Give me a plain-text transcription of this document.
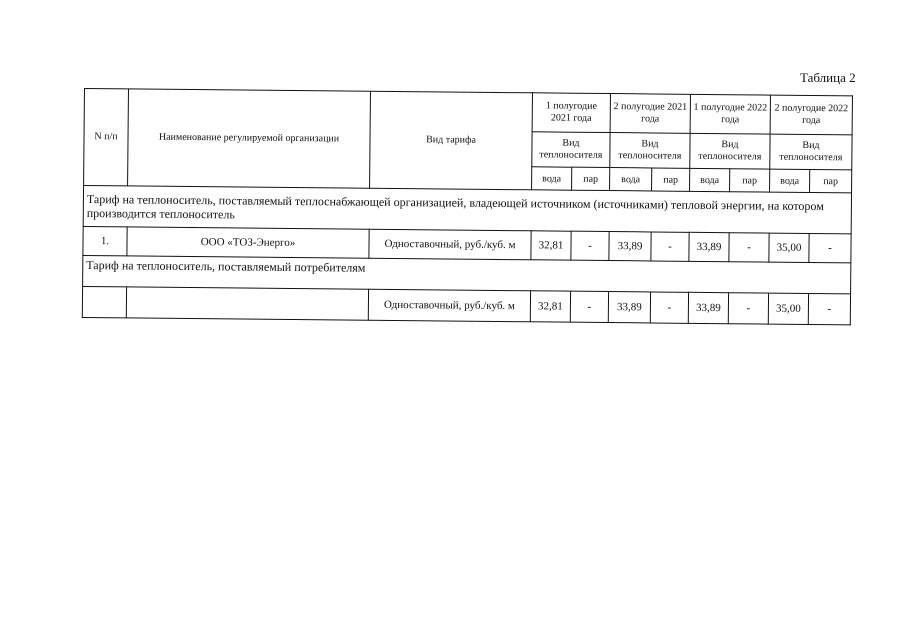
Таблица 2
N п/п	Наименование регулируемой организации	Вид тарифа	1 полугодие 2021 года		2 полугодие 2021 года		1 полугодие 2022 года		2 полугодие 2022 года	
			Вид теплоносителя		Вид теплоносителя		Вид теплоносителя		Вид теплоносителя	
			вода	пар	вода	пар	вода	пар	вода	пар
Тариф на теплоноситель, поставляемый теплоснабжающей организацией, владеющей источником (источниками) тепловой энергии, на котором производится теплоноситель										
1.	ООО «ТОЗ-Энерго»	Одноставочный, руб./куб. м	32,81	-	33,89	-	33,89	-	35,00	-
Тариф на теплоноситель, поставляемый потребителям										
		Одноставочный, руб./куб. м	32,81	-	33,89	-	33,89	-	35,00	-
